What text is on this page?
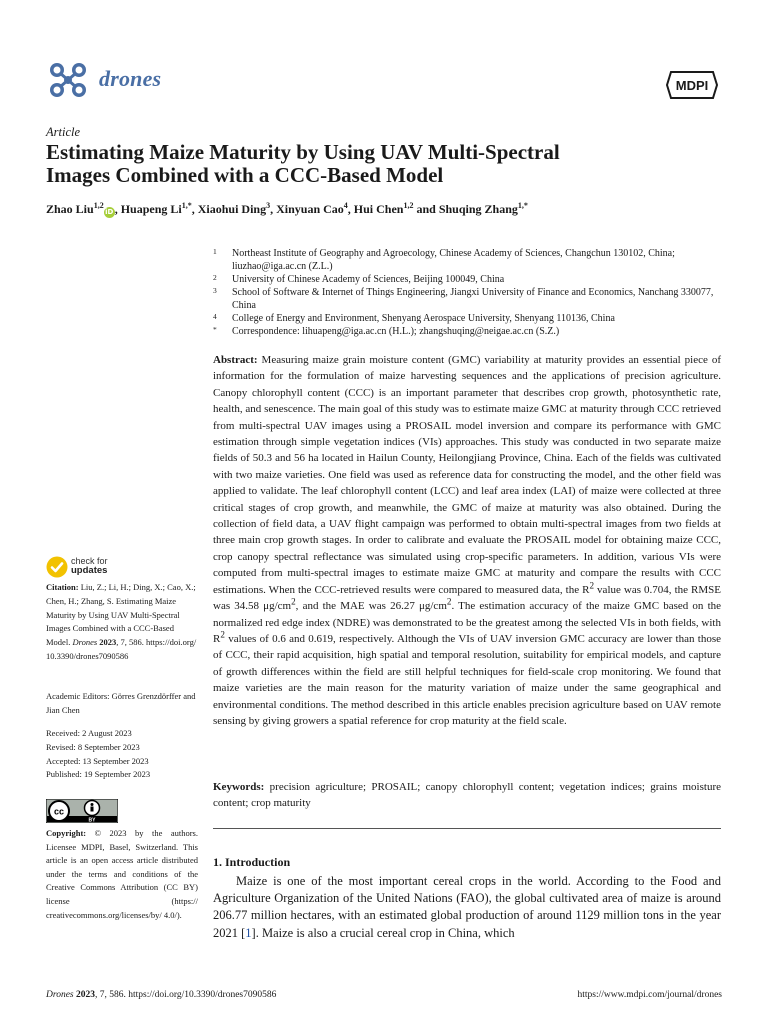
drones	MDPI
Article
Estimating Maize Maturity by Using UAV Multi-Spectral
Images Combined with a CCC-Based Model
Zhao Liu$^{1,2}$iD, Huapeng $Li^{1,*}$, Xiaohui Ding$^3$, Xinyuan Cao$^4$, Hui Chen$^{1,2}$ and Shuqing Zhang$^{1,*}$
1 Northeast Institute of Geography and Agroecology, Chinese Academy of Sciences, Changchun 130102, China; liuzhao@iga.ac.cn (Z.L.)
2 University of Chinese Academy of Sciences, Beijing 100049, China
3 School of Software & Internet of Things Engineering, Jiangxi University of Finance and Economics, Nanchang 330077, China
4 College of Energy and Environment, Shenyang Aerospace University, Shenyang 110136, China
* Correspondence: lihuapeng@iga.ac.cn (H.L.); zhangshuqing@neigae.ac.cn (S.Z.)
Abstract: Measuring maize grain moisture content (GMC) variability at maturity provides an essential piece of information for the formulation of maize harvesting sequences and the applications of precision agriculture. Canopy chlorophyll content (CCC) is an important parameter that describes crop growth, photosynthetic rate, health, and senescence. The main goal of this study was to estimate maize GMC at maturity through CCC retrieved from multi-spectral UAV images using a PROSAIL model inversion and compare its performance with GMC estimation through simple vegetation indices (VIs) approaches. This study was conducted in two separate maize fields of 50.3 and 56 ha located in Hailun County, Heilongjiang Province, China. Each of the fields was cultivated with two maize varieties. One field was used as reference data for constructing the model, and the other field was applied to validate. The leaf chlorophyll content (LCC) and leaf area index (LAI) of maize were collected at three critical stages of crop growth, and meanwhile, the GMC of maize at maturity was also obtained. During the collection of field data, a UAV flight campaign was performed to obtain multi-spectral images from two fields at three main crop growth stages. In order to calibrate and evaluate the PROSAIL model for obtaining maize CCC, crop canopy spectral reflectance was simulated using crop-specific parameters. In addition, various VIs were computed from multi-spectral images to estimate maize GMC at maturity and compare the results with CCC estimations. When the CCC-retrieved results were compared to measured data, the $R^2$ value was 0.704, the RMSE was 34.58 $\mu g/cm^2$, and the MAE was 26.27 $\mu g/cm^2$. The estimation accuracy of the maize GMC based on the normalized red edge index (NDRE) was demonstrated to be the greatest among the selected VIs in both fields, with $R^2$ values of 0.6 and 0.619, respectively. Although the VIs of UAV inversion GMC accuracy are lower than those of CCC, their rapid acquisition, high spatial and temporal resolution, suitability for empirical models, and capture of growth differences within the field are still helpful techniques for field-scale crop monitoring. We found that maize varieties are the main reason for the maturity variation of maize under the same geographical and environmental conditions. The method described in this article enables precision agriculture based on UAV remote sensing by giving growers a spatial reference for crop maturity at the field scale.
Keywords: precision agriculture; PROSAIL; canopy chlorophyll content; vegetation indices; grains moisture content; crop maturity
1. Introduction
Maize is one of the most important cereal crops in the world. According to the Food and Agriculture Organization of the United Nations (FAO), the global cultivated area of maize is around 206.77 million hectares, with an estimated global production of around 1129 million tons in the year 2021 [1]. Maize is also a crucial cereal crop in China, which
check for
updates
Citation: Liu, Z.; Li, H.; Ding, X.; Cao, X.; Chen, H.; Zhang, S. Estimating Maize Maturity by Using UAV Multi-Spectral Images Combined with a CCC-Based Model. Drones 2023, 7, 586. https://doi.org/ 10.3390/drones7090586
Academic Editors: Görres Grenzdörffer and Jian Chen
Received: 2 August 2023
Revised: 8 September 2023
Accepted: 13 September 2023
Published: 19 September 2023
cc
BY
Copyright: © 2023 by the authors. Licensee MDPI, Basel, Switzerland. This article is an open access article distributed under the terms and conditions of the Creative Commons Attribution (CC BY) license (https:// creativecommons.org/licenses/by/ 4.0/).
Drones 2023, 7, 586. https://doi.org/10.3390/drones7090586	https://www.mdpi.com/journal/drones
